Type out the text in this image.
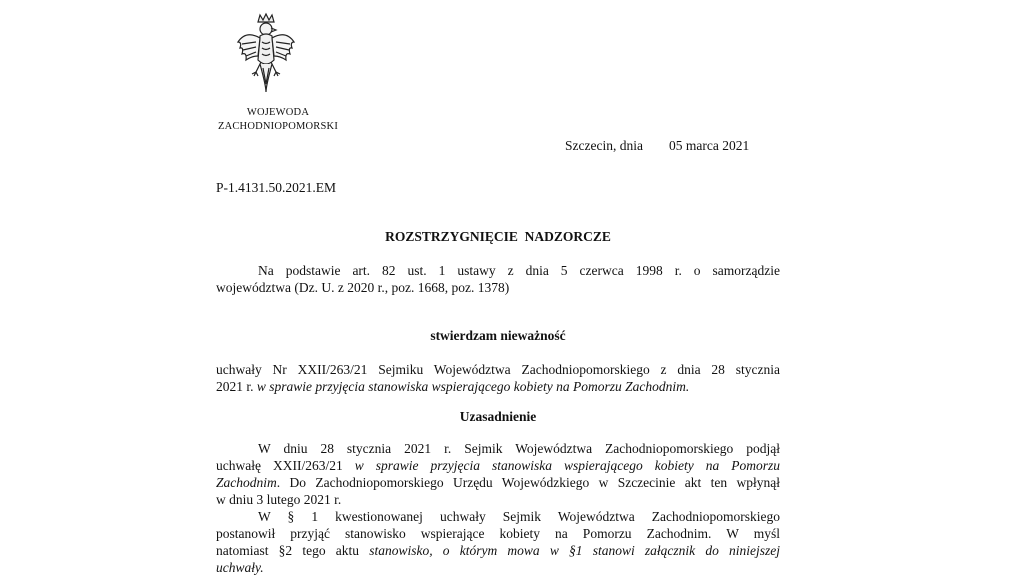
WOJEWODA
ZACHODNIOPOMORSKI
Szczecin, dnia 05 marca 2021
P-1.4131.50.2021.EM
ROZSTRZYGNIĘCIE  NADZORCZE
Na podstawie art. 82 ust. 1 ustawy z dnia 5 czerwca 1998 r. o samorządzie
województwa (Dz. U. z 2020 r., poz. 1668, poz. 1378)
stwierdzam nieważność
uchwały Nr XXII/263/21 Sejmiku Województwa Zachodniopomorskiego z dnia 28 stycznia
2021 r. w sprawie przyjęcia stanowiska wspierającego kobiety na Pomorzu Zachodnim.
Uzasadnienie
W dniu 28 stycznia 2021 r. Sejmik Województwa Zachodniopomorskiego podjął
uchwałę XXII/263/21 w sprawie przyjęcia stanowiska wspierającego kobiety na Pomorzu
Zachodnim. Do Zachodniopomorskiego Urzędu Wojewódzkiego w Szczecinie akt ten wpłynął
w dniu 3 lutego 2021 r.
W § 1 kwestionowanej uchwały Sejmik Województwa Zachodniopomorskiego
postanowił przyjąć stanowisko wspierające kobiety na Pomorzu Zachodnim. W myśl
natomiast §2 tego aktu stanowisko, o którym mowa w §1 stanowi załącznik do niniejszej
uchwały.
